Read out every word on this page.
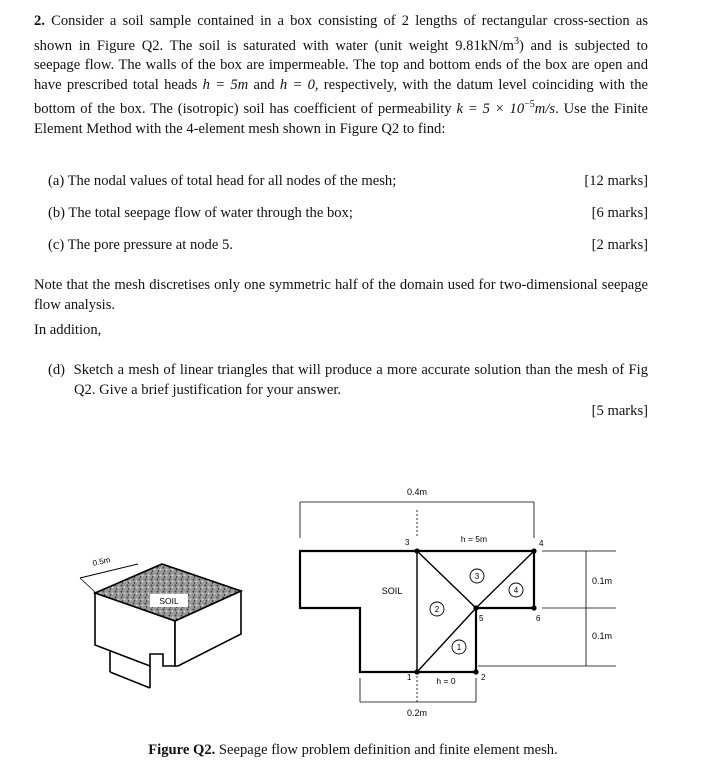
2. Consider a soil sample contained in a box consisting of 2 lengths of rectangular cross-section as shown in Figure Q2. The soil is saturated with water (unit weight $9.81kN/m^3$) and is subjected to seepage flow. The walls of the box are impermeable. The top and bottom ends of the box are open and have prescribed total heads h = 5m and h = 0, respectively, with the datum level coinciding with the bottom of the box. The (isotropic) soil has coefficient of permeability $k = 5 \times 10^{-5}m/s$. Use the Finite Element Method with the 4-element mesh shown in Figure Q2 to find:
(a) The nodal values of total head for all nodes of the mesh;	[12 marks]
(b) The total seepage flow of water through the box;	[6 marks]
(c) The pore pressure at node 5.	[2 marks]
Note that the mesh discretises only one symmetric half of the domain used for two-dimensional seepage flow analysis.
In addition,
(d) Sketch a mesh of linear triangles that will produce a more accurate solution than the mesh of Fig Q2. Give a brief justification for your answer.
[5 marks]
SOIL
0.5m
0.4m
0.2m
0.1m
0.1m
SOIL
1	2
3	4
5	6
1
2
3
4
h = 5m
h = 0
Figure Q2. Seepage flow problem definition and finite element mesh.
